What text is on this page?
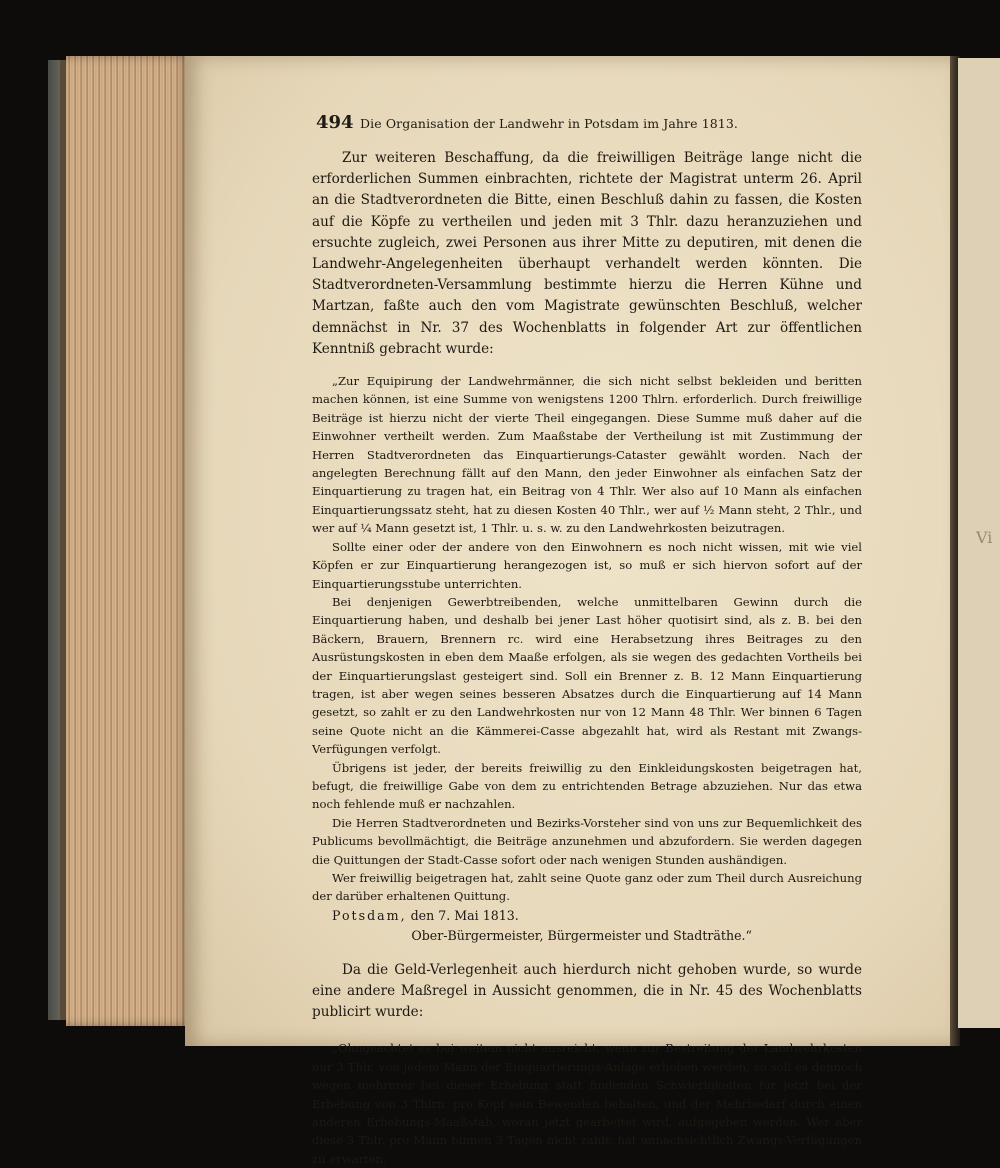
Vi
494 Die Organisation der Landwehr in Potsdam im Jahre 1813.

Zur weiteren Beschaffung, da die freiwilligen Beiträge lange nicht die erforderlichen Summen einbrachten, richtete der Magistrat unterm 26. April an die Stadtverordneten die Bitte, einen Beschluß dahin zu fassen, die Kosten auf die Köpfe zu vertheilen und jeden mit 3 Thlr. dazu heranzuziehen und ersuchte zugleich, zwei Personen aus ihrer Mitte zu deputiren, mit denen die Landwehr-Angelegenheiten überhaupt verhandelt werden könnten. Die Stadtverordneten-Versammlung bestimmte hierzu die Herren Kühne und Martzan, faßte auch den vom Magistrate gewünschten Beschluß, welcher demnächst in Nr. 37 des Wochenblatts in folgender Art zur öffentlichen Kenntniß gebracht wurde:

„Zur Equipirung der Landwehrmänner, die sich nicht selbst bekleiden und beritten machen können, ist eine Summe von wenigstens 1200 Thlrn. erforderlich. Durch freiwillige Beiträge ist hierzu nicht der vierte Theil eingegangen. Diese Summe muß daher auf die Einwohner vertheilt werden. Zum Maaßstabe der Vertheilung ist mit Zustimmung der Herren Stadtverordneten das Einquartierungs-Cataster gewählt worden. Nach der angelegten Berechnung fällt auf den Mann, den jeder Einwohner als einfachen Satz der Einquartierung zu tragen hat, ein Beitrag von 4 Thlr. Wer also auf 10 Mann als einfachen Einquartierungssatz steht, hat zu diesen Kosten 40 Thlr., wer auf ½ Mann steht, 2 Thlr., und wer auf ¼ Mann gesetzt ist, 1 Thlr. u. s. w. zu den Landwehrkosten beizutragen.

Sollte einer oder der andere von den Einwohnern es noch nicht wissen, mit wie viel Köpfen er zur Einquartierung herangezogen ist, so muß er sich hiervon sofort auf der Einquartierungsstube unterrichten.

Bei denjenigen Gewerbtreibenden, welche unmittelbaren Gewinn durch die Einquartierung haben, und deshalb bei jener Last höher quotisirt sind, als z. B. bei den Bäckern, Brauern, Brennern rc. wird eine Herabsetzung ihres Beitrages zu den Ausrüstungskosten in eben dem Maaße erfolgen, als sie wegen des gedachten Vortheils bei der Einquartierungslast gesteigert sind. Soll ein Brenner z. B. 12 Mann Einquartierung tragen, ist aber wegen seines besseren Absatzes durch die Einquartierung auf 14 Mann gesetzt, so zahlt er zu den Landwehrkosten nur von 12 Mann 48 Thlr. Wer binnen 6 Tagen seine Quote nicht an die Kämmerei-Casse abgezahlt hat, wird als Restant mit Zwangs-Verfügungen verfolgt.

Übrigens ist jeder, der bereits freiwillig zu den Einkleidungskosten beigetragen hat, befugt, die freiwillige Gabe von dem zu entrichtenden Betrage abzuziehen. Nur das etwa noch fehlende muß er nachzahlen.

Die Herren Stadtverordneten und Bezirks-Vorsteher sind von uns zur Bequemlichkeit des Publicums bevollmächtigt, die Beiträge anzunehmen und abzufordern. Sie werden dagegen die Quittungen der Stadt-Casse sofort oder nach wenigen Stunden aushändigen.

Wer freiwillig beigetragen hat, zahlt seine Quote ganz oder zum Theil durch Ausreichung der darüber erhaltenen Quittung.

Potsdam, den 7. Mai 1813.

Ober-Bürgermeister, Bürgermeister und Stadträthe.“

Da die Geld-Verlegenheit auch hierdurch nicht gehoben wurde, so wurde eine andere Maßregel in Aussicht genommen, die in Nr. 45 des Wochenblatts publicirt wurde:

„Ohngeachtet es bei weitem nicht ausreicht, wenn zur Bestreitung der Landwehrkosten nur 3 Thlr. von jedem Mann der Einquartierungs-Anlage erhoben werden, so soll es dennoch wegen mehrerer bei dieser Erhebung statt findenden Schwierigkeiten für jetzt bei der Erhebung von 3 Thlrn. pro Kopf sein Bewenden behalten, und der Mehrbedarf durch einen anderen Erhebungs-Maaßstab, woran jetzt gearbeitet wird, aufgegeben werden. Wer aber diese 3 Thlr. pro Mann binnen 3 Tagen nicht zahlt, hat unnachsichtlich Zwangs-Verfügungen zu erwarten.
